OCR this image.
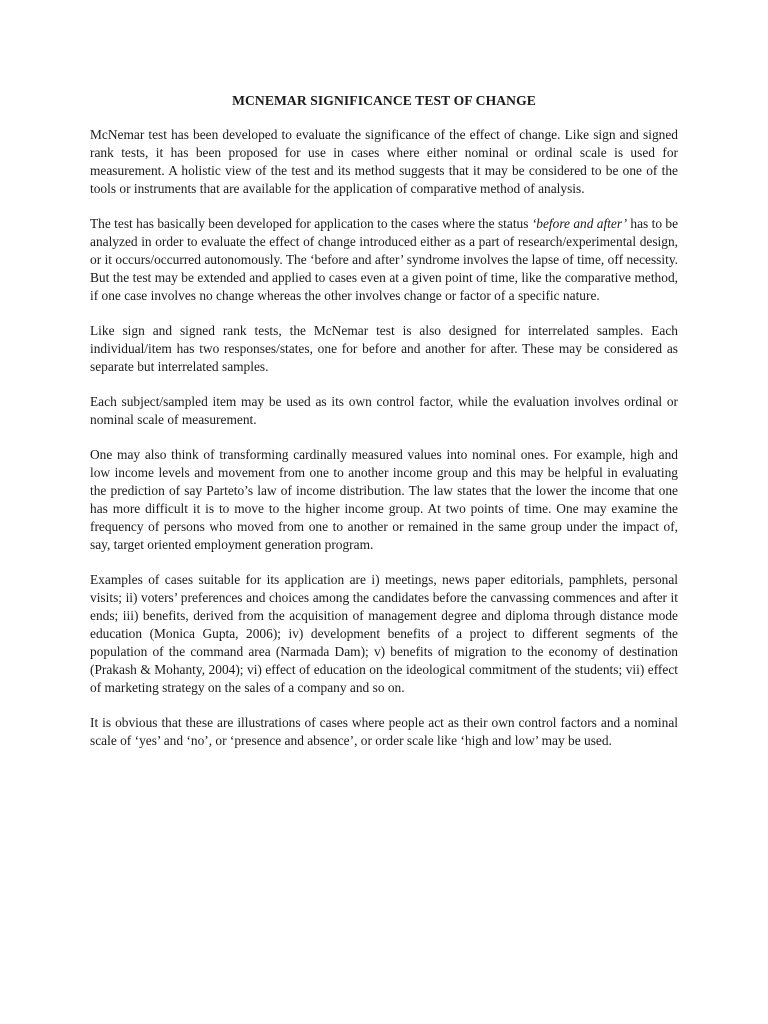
MCNEMAR SIGNIFICANCE TEST OF CHANGE

McNemar test has been developed to evaluate the significance of the effect of change. Like sign and signed rank tests, it has been proposed for use in cases where either nominal or ordinal scale is used for measurement. A holistic view of the test and its method suggests that it may be considered to be one of the tools or instruments that are available for the application of comparative method of analysis.

The test has basically been developed for application to the cases where the status ‘before and after’ has to be analyzed in order to evaluate the effect of change introduced either as a part of research/experimental design, or it occurs/occurred autonomously. The ‘before and after’ syndrome involves the lapse of time, off necessity. But the test may be extended and applied to cases even at a given point of time, like the comparative method, if one case involves no change whereas the other involves change or factor of a specific nature.

Like sign and signed rank tests, the McNemar test is also designed for interrelated samples. Each individual/item has two responses/states, one for before and another for after. These may be considered as separate but interrelated samples.

Each subject/sampled item may be used as its own control factor, while the evaluation involves ordinal or nominal scale of measurement.

One may also think of transforming cardinally measured values into nominal ones. For example, high and low income levels and movement from one to another income group and this may be helpful in evaluating the prediction of say Parteto’s law of income distribution. The law states that the lower the income that one has more difficult it is to move to the higher income group. At two points of time. One may examine the frequency of persons who moved from one to another or remained in the same group under the impact of, say, target oriented employment generation program.

Examples of cases suitable for its application are i) meetings, news paper editorials, pamphlets, personal visits; ii) voters’ preferences and choices among the candidates before the canvassing commences and after it ends; iii) benefits, derived from the acquisition of management degree and diploma through distance mode education (Monica Gupta, 2006); iv) development benefits of a project to different segments of the population of the command area (Narmada Dam); v) benefits of migration to the economy of destination (Prakash & Mohanty, 2004); vi) effect of education on the ideological commitment of the students; vii) effect of marketing strategy on the sales of a company and so on.

It is obvious that these are illustrations of cases where people act as their own control factors and a nominal scale of ‘yes’ and ‘no’, or ‘presence and absence’, or order scale like ‘high and low’ may be used.
